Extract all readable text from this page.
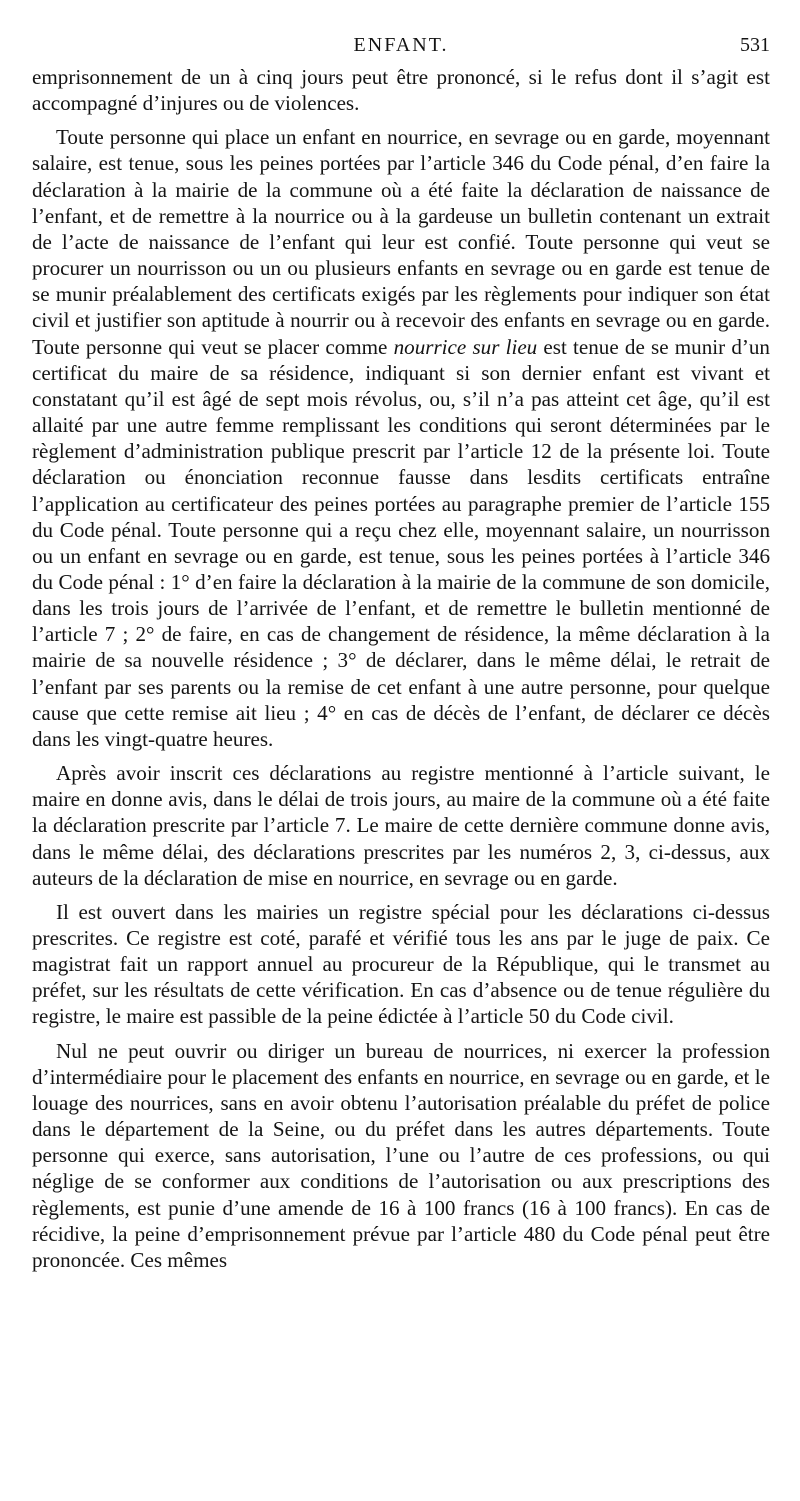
ENFANT.	531

emprisonnement de un à cinq jours peut être prononcé, si le refus dont il s’agit est accompagné d’injures ou de violences.

Toute personne qui place un enfant en nourrice, en sevrage ou en garde, moyennant salaire, est tenue, sous les peines portées par l’article 346 du Code pénal, d’en faire la déclaration à la mairie de la commune où a été faite la déclaration de naissance de l’enfant, et de remettre à la nourrice ou à la gardeuse un bulletin contenant un extrait de l’acte de naissance de l’enfant qui leur est confié. Toute personne qui veut se procurer un nourrisson ou un ou plusieurs enfants en sevrage ou en garde est tenue de se munir préalablement des certificats exigés par les règlements pour indiquer son état civil et justifier son aptitude à nourrir ou à recevoir des enfants en sevrage ou en garde. Toute personne qui veut se placer comme nourrice sur lieu est tenue de se munir d’un certificat du maire de sa résidence, indiquant si son dernier enfant est vivant et constatant qu’il est âgé de sept mois révolus, ou, s’il n’a pas atteint cet âge, qu’il est allaité par une autre femme remplissant les conditions qui seront déterminées par le règlement d’administration publique prescrit par l’article 12 de la présente loi. Toute déclaration ou énonciation reconnue fausse dans lesdits certificats entraîne l’application au certificateur des peines portées au paragraphe premier de l’article 155 du Code pénal. Toute personne qui a reçu chez elle, moyennant salaire, un nourrisson ou un enfant en sevrage ou en garde, est tenue, sous les peines portées à l’article 346 du Code pénal : 1° d’en faire la déclaration à la mairie de la commune de son domicile, dans les trois jours de l’arrivée de l’enfant, et de remettre le bulletin mentionné de l’article 7 ; 2° de faire, en cas de changement de résidence, la même déclaration à la mairie de sa nouvelle résidence ; 3° de déclarer, dans le même délai, le retrait de l’enfant par ses parents ou la remise de cet enfant à une autre personne, pour quelque cause que cette remise ait lieu ; 4° en cas de décès de l’enfant, de déclarer ce décès dans les vingt-quatre heures.

Après avoir inscrit ces déclarations au registre mentionné à l’article suivant, le maire en donne avis, dans le délai de trois jours, au maire de la commune où a été faite la déclaration prescrite par l’article 7. Le maire de cette dernière commune donne avis, dans le même délai, des déclarations prescrites par les numéros 2, 3, ci-dessus, aux auteurs de la déclaration de mise en nourrice, en sevrage ou en garde.

Il est ouvert dans les mairies un registre spécial pour les déclarations ci-dessus prescrites. Ce registre est coté, parafé et vérifié tous les ans par le juge de paix. Ce magistrat fait un rapport annuel au procureur de la République, qui le transmet au préfet, sur les résultats de cette vérification. En cas d’absence ou de tenue régulière du registre, le maire est passible de la peine édictée à l’article 50 du Code civil.

Nul ne peut ouvrir ou diriger un bureau de nourrices, ni exercer la profession d’intermédiaire pour le placement des enfants en nourrice, en sevrage ou en garde, et le louage des nourrices, sans en avoir obtenu l’autorisation préalable du préfet de police dans le département de la Seine, ou du préfet dans les autres départements. Toute personne qui exerce, sans autorisation, l’une ou l’autre de ces professions, ou qui néglige de se conformer aux conditions de l’autorisation ou aux prescriptions des règlements, est punie d’une amende de 16 à 100 francs (16 à 100 francs). En cas de récidive, la peine d’emprisonnement prévue par l’article 480 du Code pénal peut être prononcée. Ces mêmes
